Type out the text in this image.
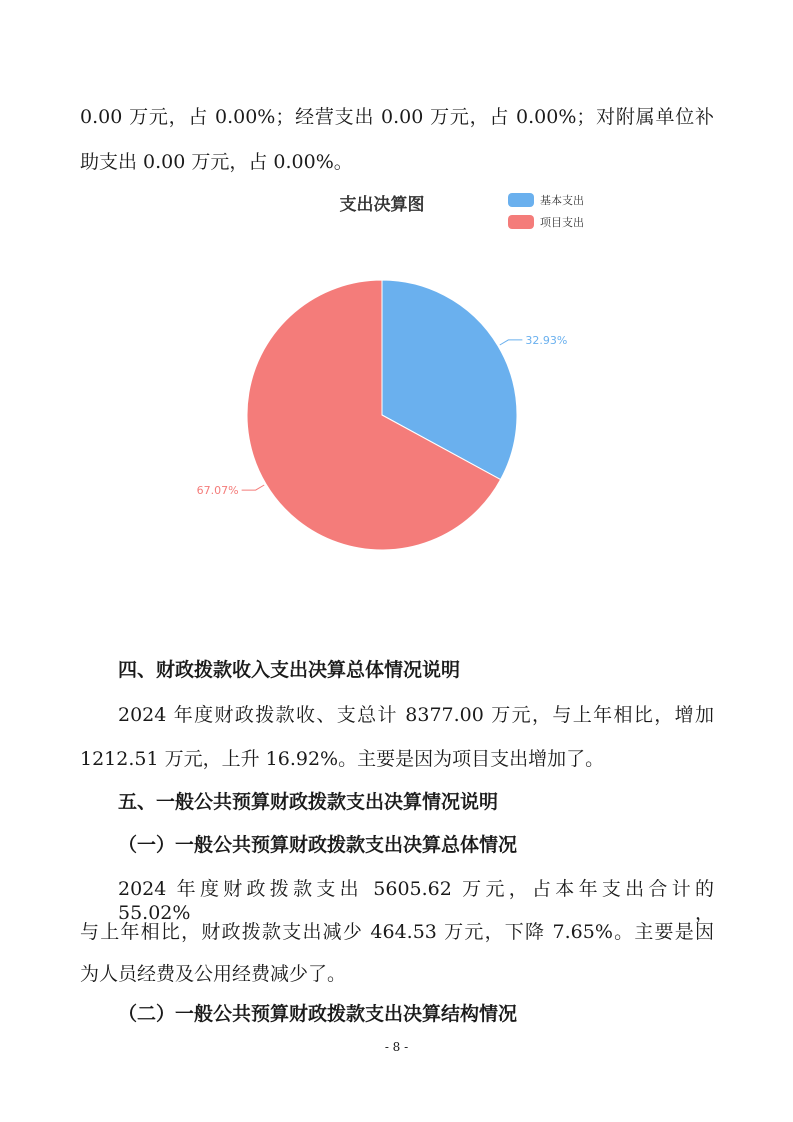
0.00 万元，占 0.00%；经营支出 0.00 万元，占 0.00%；对附属单位补
助支出 0.00 万元，占 0.00%。
支出决算图	基本支出
项目支出
32.93%
67.07%
四、财政拨款收入支出决算总体情况说明
2024 年度财政拨款收、支总计 8377.00 万元，与上年相比，增加
1212.51 万元，上升 16.92%。主要是因为项目支出增加了。
五、一般公共预算财政拨款支出决算情况说明
（一）一般公共预算财政拨款支出决算总体情况
2024 年度财政拨款支出 5605.62 万元，占本年支出合计的 55.02%，
与上年相比，财政拨款支出减少 464.53 万元，下降 7.65%。主要是因
为人员经费及公用经费减少了。
（二）一般公共预算财政拨款支出决算结构情况
- 8 -
